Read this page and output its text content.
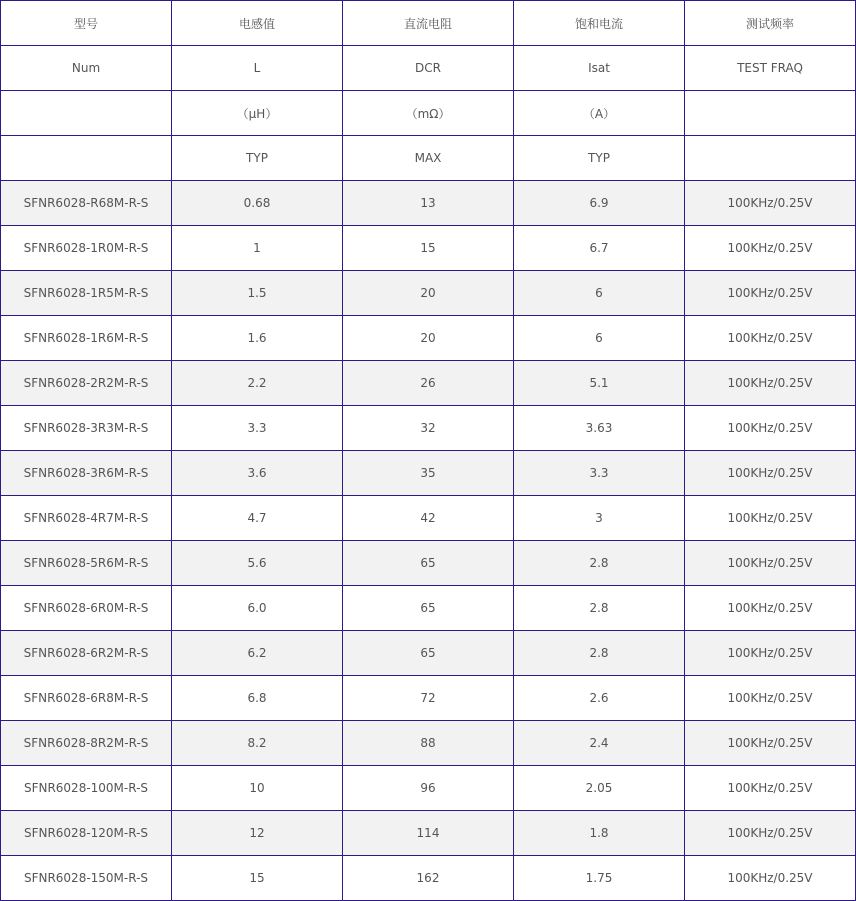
型号	电感值	直流电阻	饱和电流	测试频率
Num	L	DCR	Isat	TEST FRAQ
	（μH）	（mΩ）	（A）	
	TYP	MAX	TYP	
SFNR6028-R68M-R-S	0.68	13	6.9	100KHz/0.25V
SFNR6028-1R0M-R-S	1	15	6.7	100KHz/0.25V
SFNR6028-1R5M-R-S	1.5	20	6	100KHz/0.25V
SFNR6028-1R6M-R-S	1.6	20	6	100KHz/0.25V
SFNR6028-2R2M-R-S	2.2	26	5.1	100KHz/0.25V
SFNR6028-3R3M-R-S	3.3	32	3.63	100KHz/0.25V
SFNR6028-3R6M-R-S	3.6	35	3.3	100KHz/0.25V
SFNR6028-4R7M-R-S	4.7	42	3	100KHz/0.25V
SFNR6028-5R6M-R-S	5.6	65	2.8	100KHz/0.25V
SFNR6028-6R0M-R-S	6.0	65	2.8	100KHz/0.25V
SFNR6028-6R2M-R-S	6.2	65	2.8	100KHz/0.25V
SFNR6028-6R8M-R-S	6.8	72	2.6	100KHz/0.25V
SFNR6028-8R2M-R-S	8.2	88	2.4	100KHz/0.25V
SFNR6028-100M-R-S	10	96	2.05	100KHz/0.25V
SFNR6028-120M-R-S	12	114	1.8	100KHz/0.25V
SFNR6028-150M-R-S	15	162	1.75	100KHz/0.25V
